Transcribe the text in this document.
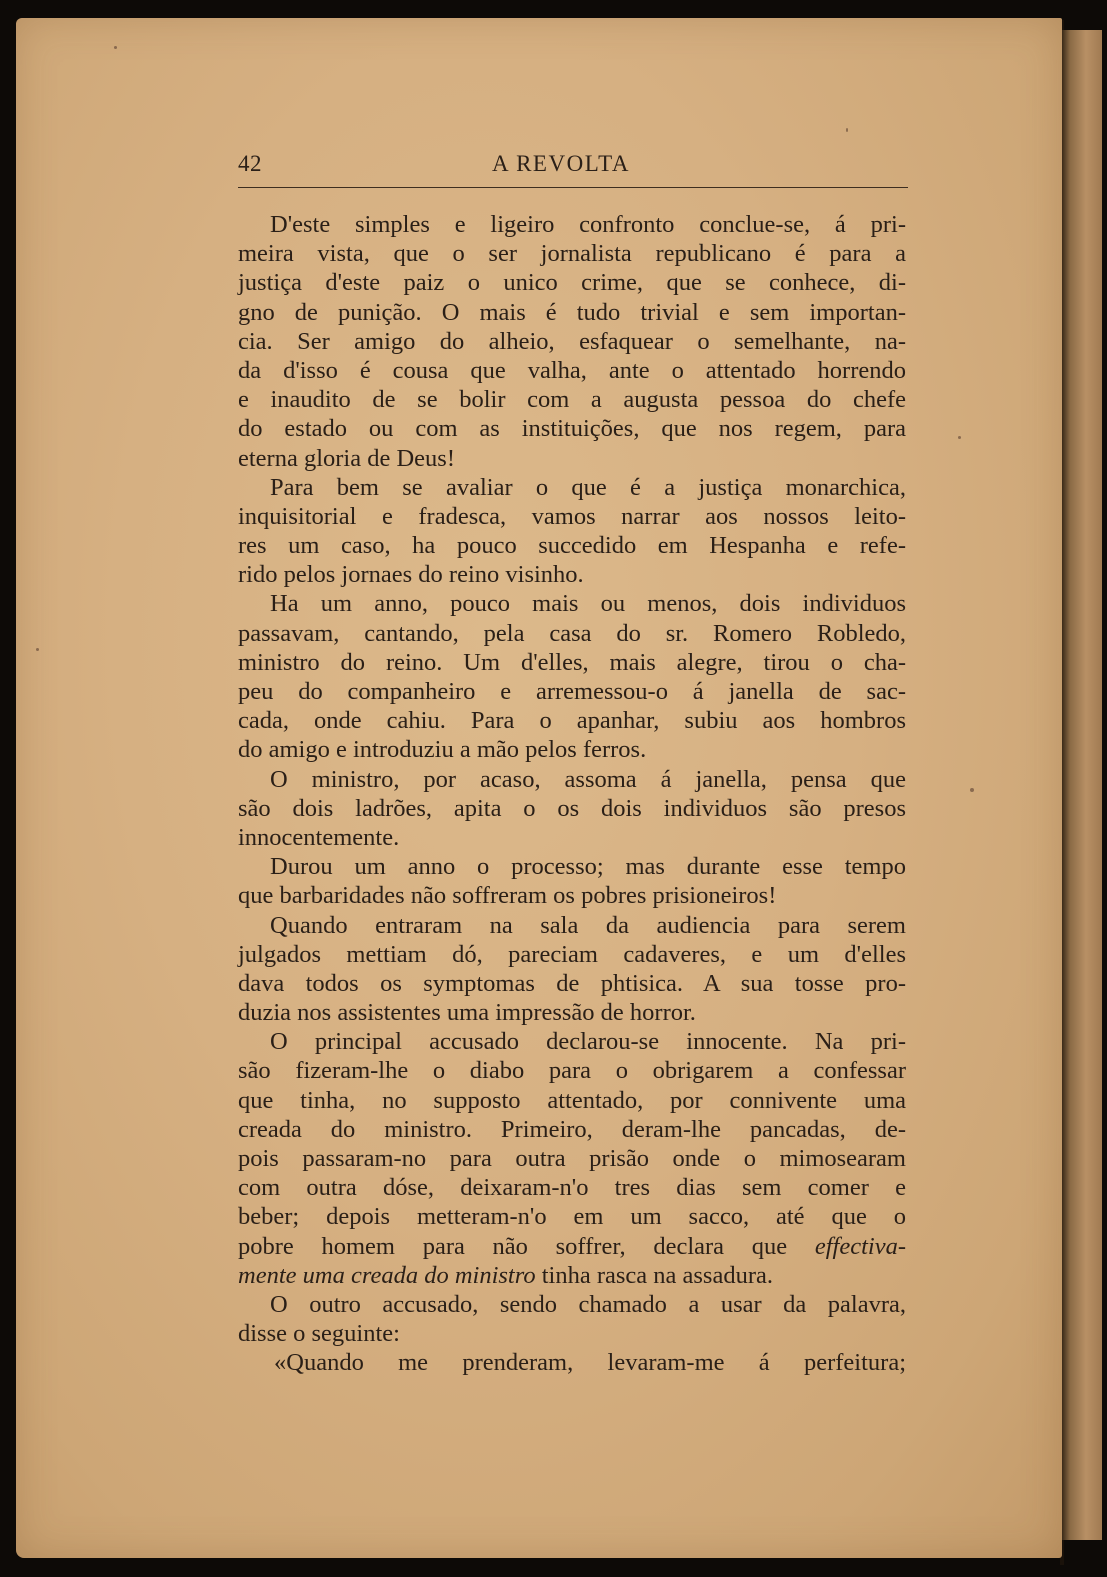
42	A REVOLTA
D'este simples e ligeiro confronto conclue-se, á pri-
meira vista, que o ser jornalista republicano é para a
justiça d'este paiz o unico crime, que se conhece, di-
gno de punição. O mais é tudo trivial e sem importan-
cia. Ser amigo do alheio, esfaquear o semelhante, na-
da d'isso é cousa que valha, ante o attentado horrendo
e inaudito de se bolir com a augusta pessoa do chefe
do estado ou com as instituições, que nos regem, para
eterna gloria de Deus!
Para bem se avaliar o que é a justiça monarchica,
inquisitorial e fradesca, vamos narrar aos nossos leito-
res um caso, ha pouco succedido em Hespanha e refe-
rido pelos jornaes do reino visinho.
Ha um anno, pouco mais ou menos, dois individuos
passavam, cantando, pela casa do sr. Romero Robledo,
ministro do reino. Um d'elles, mais alegre, tirou o cha-
peu do companheiro e arremessou-o á janella de sac-
cada, onde cahiu. Para o apanhar, subiu aos hombros
do amigo e introduziu a mão pelos ferros.
O ministro, por acaso, assoma á janella, pensa que
são dois ladrões, apita o os dois individuos são presos
innocentemente.
Durou um anno o processo; mas durante esse tempo
que barbaridades não soffreram os pobres prisioneiros!
Quando entraram na sala da audiencia para serem
julgados mettiam dó, pareciam cadaveres, e um d'elles
dava todos os symptomas de phtisica. A sua tosse pro-
duzia nos assistentes uma impressão de horror.
O principal accusado declarou-se innocente. Na pri-
são fizeram-lhe o diabo para o obrigarem a confessar
que tinha, no supposto attentado, por connivente uma
creada do ministro. Primeiro, deram-lhe pancadas, de-
pois passaram-no para outra prisão onde o mimosearam
com outra dóse, deixaram-n'o tres dias sem comer e
beber; depois metteram-n'o em um sacco, até que o
pobre homem para não soffrer, declara que effectiva-
mente uma creada do ministro tinha rasca na assadura.
O outro accusado, sendo chamado a usar da palavra,
disse o seguinte:
«Quando me prenderam, levaram-me á perfeitura;
